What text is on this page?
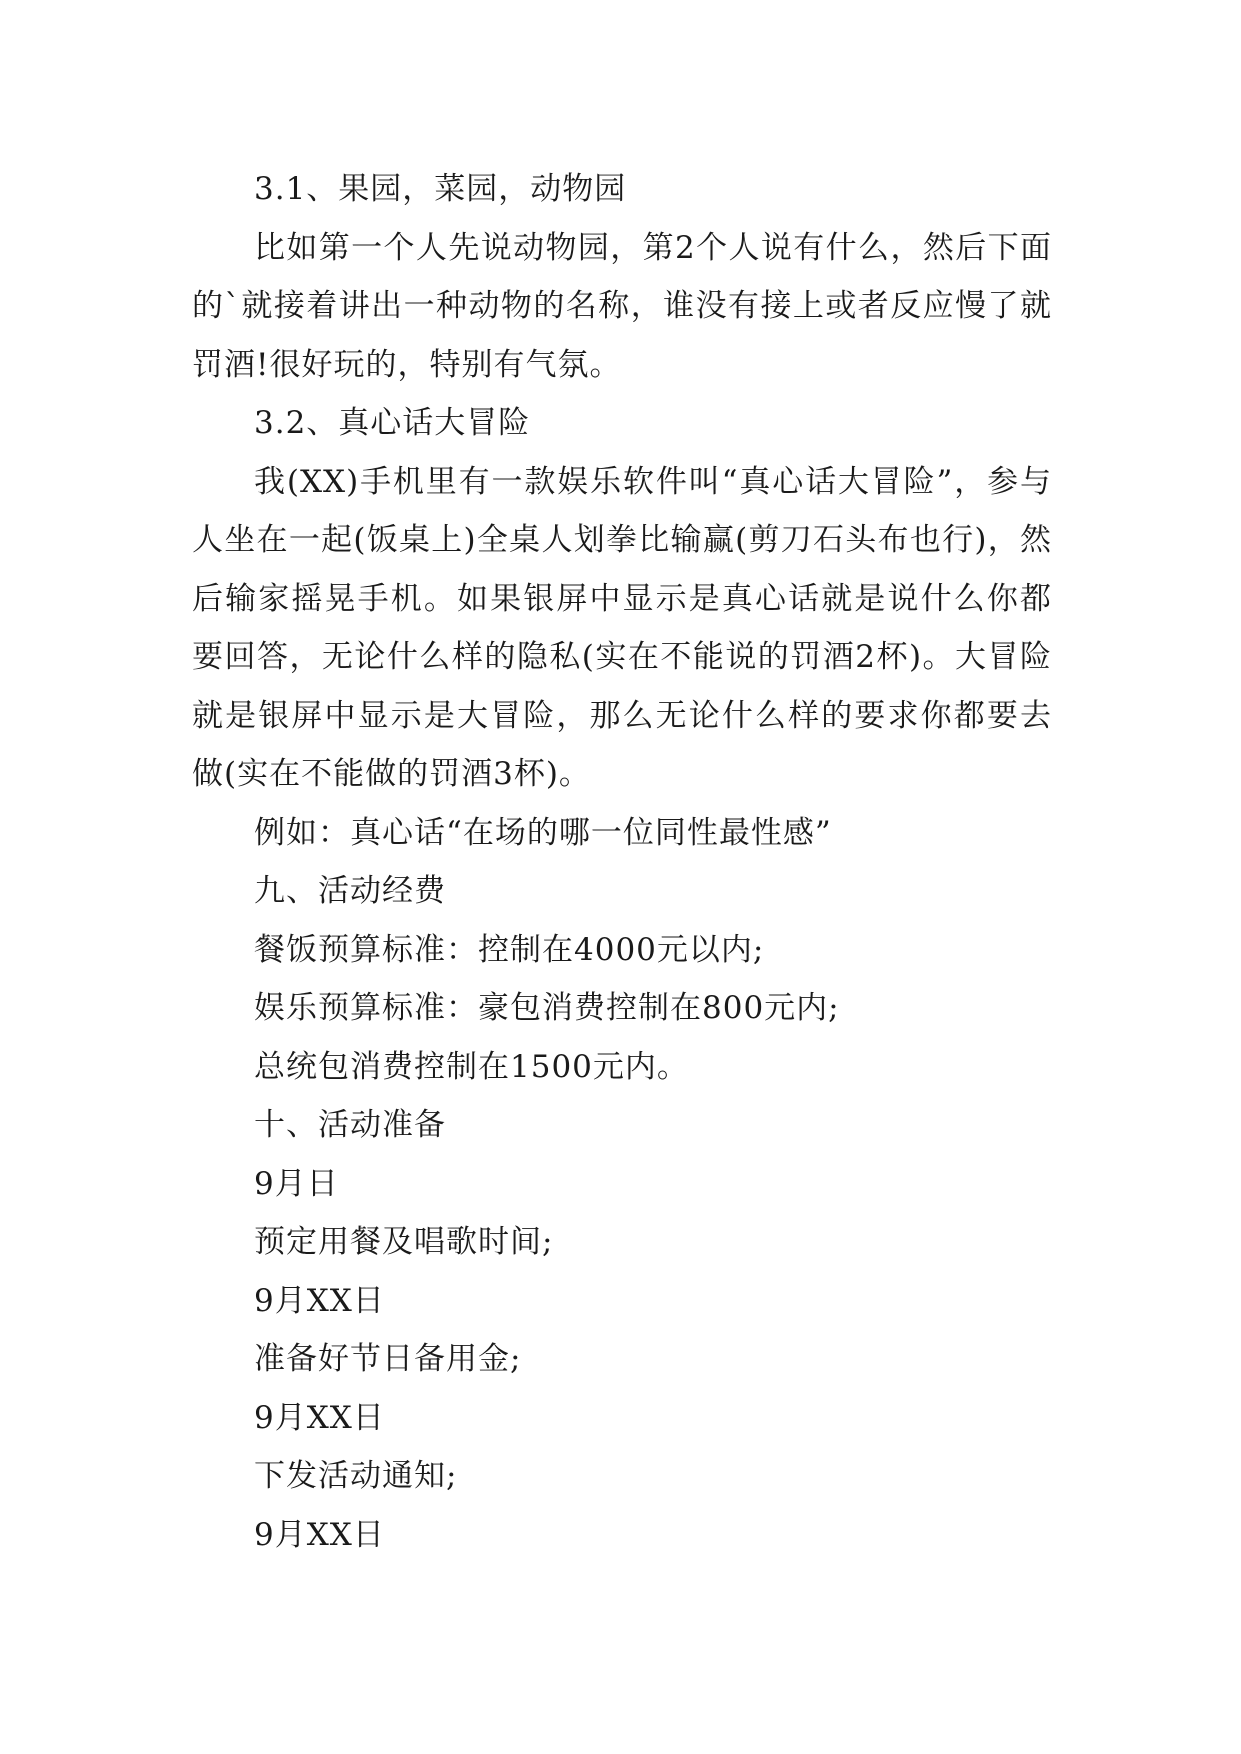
3.1、果园，菜园，动物园

比如第一个人先说动物园，第2个人说有什么，然后下面的`就接着讲出一种动物的名称，谁没有接上或者反应慢了就罚酒!很好玩的，特别有气氛。

3.2、真心话大冒险

我(XX)手机里有一款娱乐软件叫“真心话大冒险”，参与人坐在一起(饭桌上)全桌人划拳比输赢(剪刀石头布也行)，然后输家摇晃手机。如果银屏中显示是真心话就是说什么你都要回答，无论什么样的隐私(实在不能说的罚酒2杯)。大冒险就是银屏中显示是大冒险，那么无论什么样的要求你都要去做(实在不能做的罚酒3杯)。

例如：真心话“在场的哪一位同性最性感”

九、活动经费

餐饭预算标准：控制在4000元以内;

娱乐预算标准：豪包消费控制在800元内;

总统包消费控制在1500元内。

十、活动准备

9月日

预定用餐及唱歌时间;

9月XX日

准备好节日备用金;

9月XX日

下发活动通知;

9月XX日
